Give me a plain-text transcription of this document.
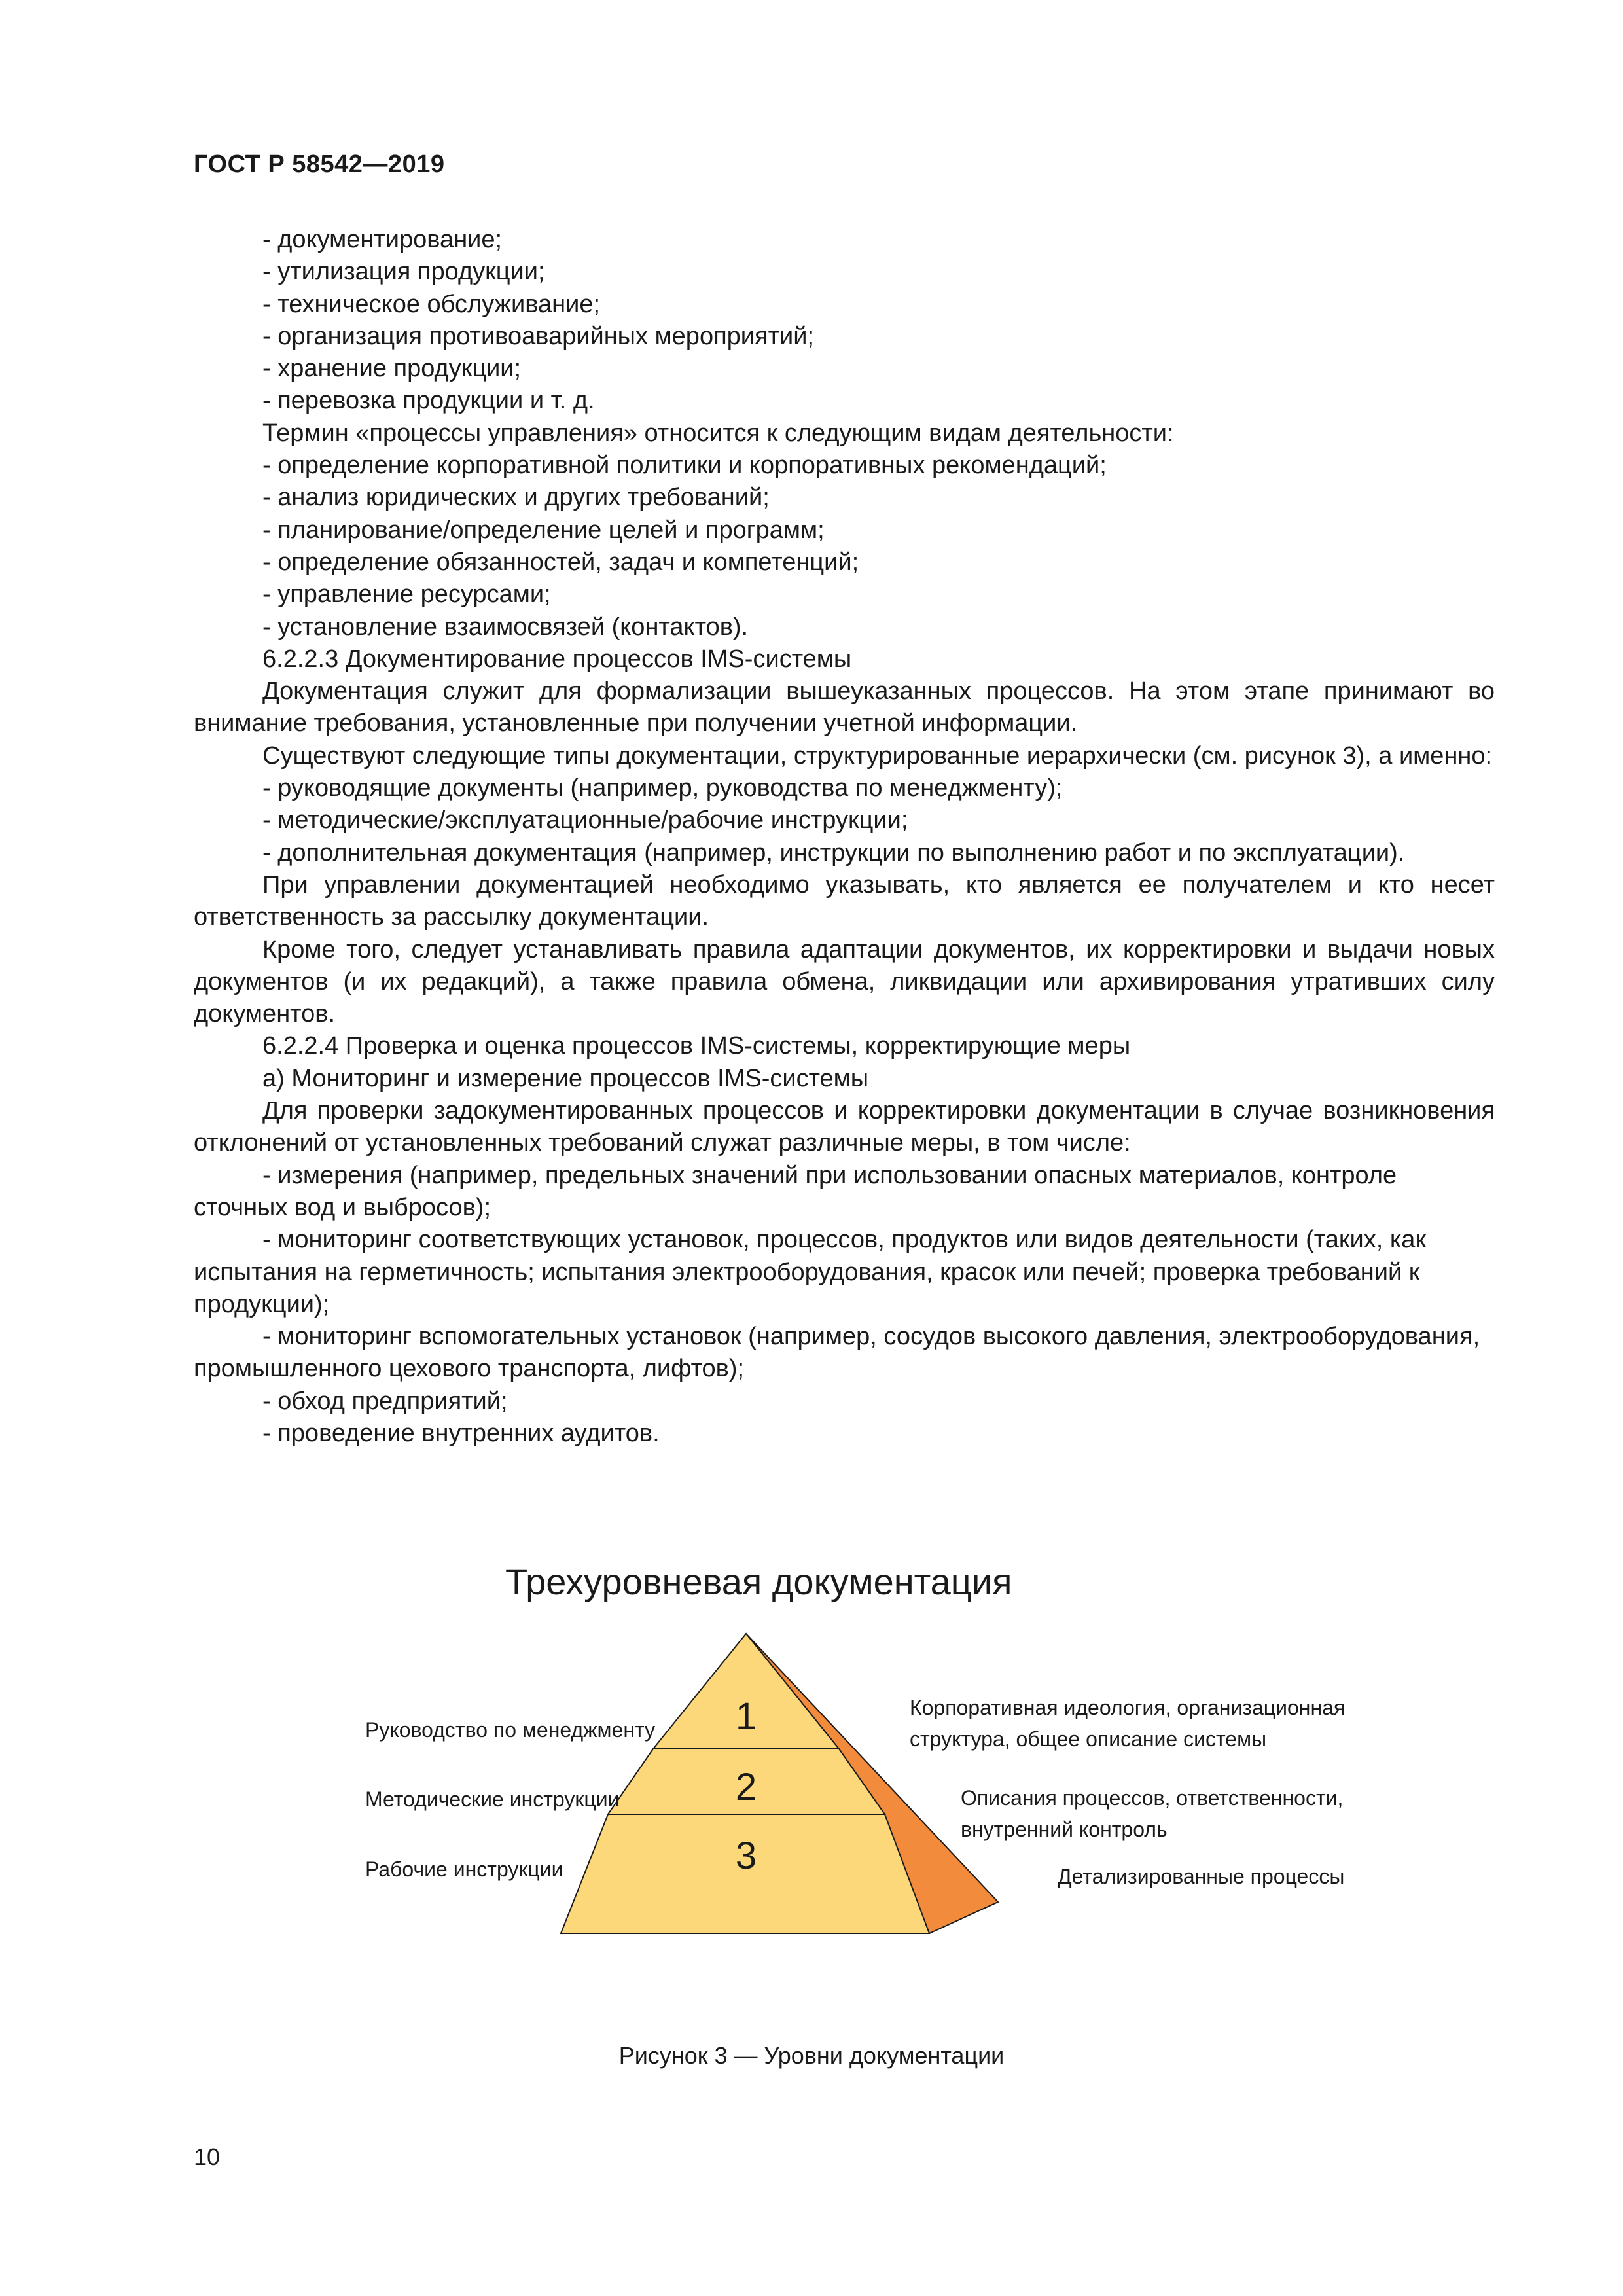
ГОСТ Р 58542—2019

- документирование;

- утилизация продукции;

- техническое обслуживание;

- организация противоаварийных мероприятий;

- хранение продукции;

- перевозка продукции и т. д.

Термин «процессы управления» относится к следующим видам деятельности:

- определение корпоративной политики и корпоративных рекомендаций;

- анализ юридических и других требований;

- планирование/определение целей и программ;

- определение обязанностей, задач и компетенций;

- управление ресурсами;

- установление взаимосвязей (контактов).

6.2.2.3 Документирование процессов IMS-системы

Документация служит для формализации вышеуказанных процессов. На этом этапе принимают во внимание требования, установленные при получении учетной информации.

Существуют следующие типы документации, структурированные иерархически (см. рисунок 3), а именно:

- руководящие документы (например, руководства по менеджменту);

- методические/эксплуатационные/рабочие инструкции;

- дополнительная документация (например, инструкции по выполнению работ и по эксплуатации).

При управлении документацией необходимо указывать, кто является ее получателем и кто несет ответственность за рассылку документации.

Кроме того, следует устанавливать правила адаптации документов, их корректировки и выдачи новых документов (и их редакций), а также правила обмена, ликвидации или архивирования утративших силу документов.

6.2.2.4 Проверка и оценка процессов IMS-системы, корректирующие меры

а) Мониторинг и измерение процессов IMS-системы

Для проверки задокументированных процессов и корректировки документации в случае возникновения отклонений от установленных требований служат различные меры, в том числе:

- измерения (например, предельных значений при использовании опасных материалов, контроле сточных вод и выбросов);

- мониторинг соответствующих установок, процессов, продуктов или видов деятельности (таких, как испытания на герметичность; испытания электрооборудования, красок или печей; проверка требований к продукции);

- мониторинг вспомогательных установок (например, сосудов высокого давления, электрооборудования, промышленного цехового транспорта, лифтов);

- обход предприятий;

- проведение внутренних аудитов.

Трехуровневая документация
1
2
3
Руководство по менеджменту
Методические инструкции
Рабочие инструкции
Корпоративная идеология, организационная
структура, общее описание системы
Описания процессов, ответственности,
внутренний контроль
Детализированные процессы
Рисунок 3 — Уровни документации
10
